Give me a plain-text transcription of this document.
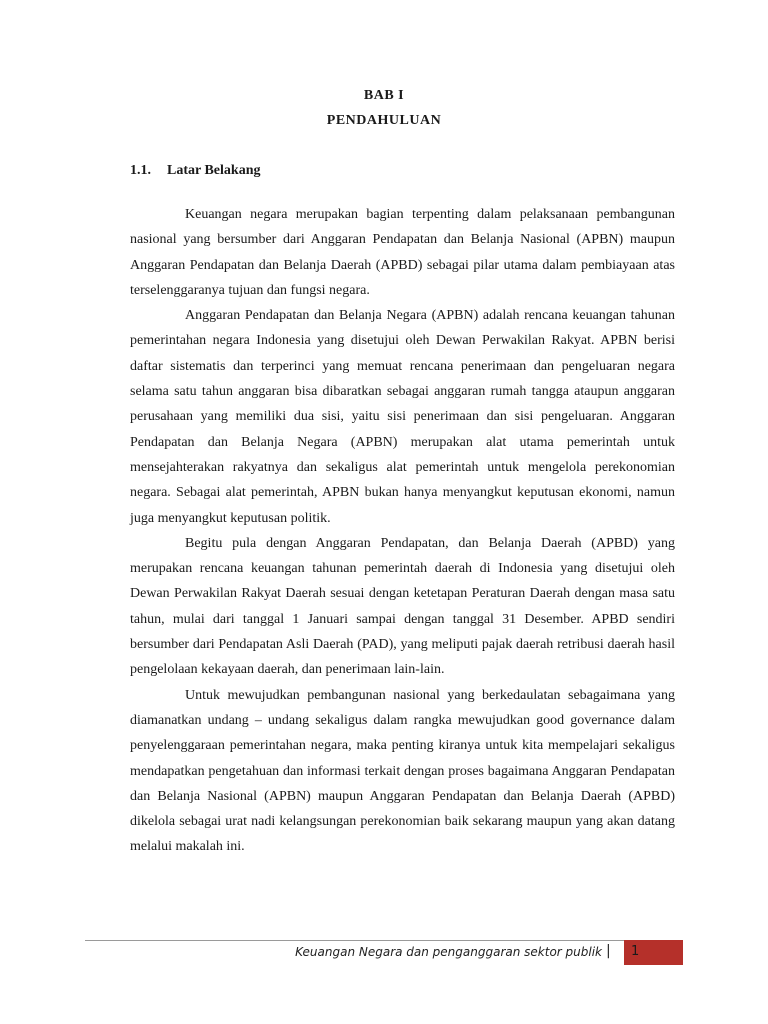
BAB I
PENDAHULUAN
1.1. Latar Belakang

Keuangan negara merupakan bagian terpenting dalam pelaksanaan pembangunan nasional yang bersumber dari Anggaran Pendapatan dan Belanja Nasional (APBN) maupun Anggaran Pendapatan dan Belanja Daerah (APBD) sebagai pilar utama dalam pembiayaan atas terselenggaranya tujuan dan fungsi negara.

Anggaran Pendapatan dan Belanja Negara (APBN) adalah rencana keuangan tahunan pemerintahan negara Indonesia yang disetujui oleh Dewan Perwakilan Rakyat. APBN berisi daftar sistematis dan terperinci yang memuat rencana penerimaan dan pengeluaran negara selama satu tahun anggaran bisa dibaratkan sebagai anggaran rumah tangga ataupun anggaran perusahaan yang memiliki dua sisi, yaitu sisi penerimaan dan sisi pengeluaran. Anggaran Pendapatan dan Belanja Negara (APBN) merupakan alat utama pemerintah untuk mensejahterakan rakyatnya dan sekaligus alat pemerintah untuk mengelola perekonomian negara. Sebagai alat pemerintah, APBN bukan hanya menyangkut keputusan ekonomi, namun juga menyangkut keputusan politik.

Begitu pula dengan Anggaran Pendapatan, dan Belanja Daerah (APBD) yang merupakan rencana keuangan tahunan pemerintah daerah di Indonesia yang disetujui oleh Dewan Perwakilan Rakyat Daerah sesuai dengan ketetapan Peraturan Daerah dengan masa satu tahun, mulai dari tanggal 1 Januari sampai dengan tanggal 31 Desember. APBD sendiri bersumber dari Pendapatan Asli Daerah (PAD), yang meliputi pajak daerah retribusi daerah hasil pengelolaan kekayaan daerah, dan penerimaan lain-lain.

Untuk mewujudkan pembangunan nasional yang berkedaulatan sebagaimana yang diamanatkan undang – undang sekaligus dalam rangka mewujudkan good governance dalam penyelenggaraan pemerintahan negara, maka penting kiranya untuk kita mempelajari sekaligus mendapatkan pengetahuan dan informasi terkait dengan proses bagaimana Anggaran Pendapatan dan Belanja Nasional (APBN) maupun Anggaran Pendapatan dan Belanja Daerah (APBD) dikelola sebagai urat nadi kelangsungan perekonomian baik sekarang maupun yang akan datang melalui makalah ini.

Keuangan Negara dan penganggaran sektor publik | 1
